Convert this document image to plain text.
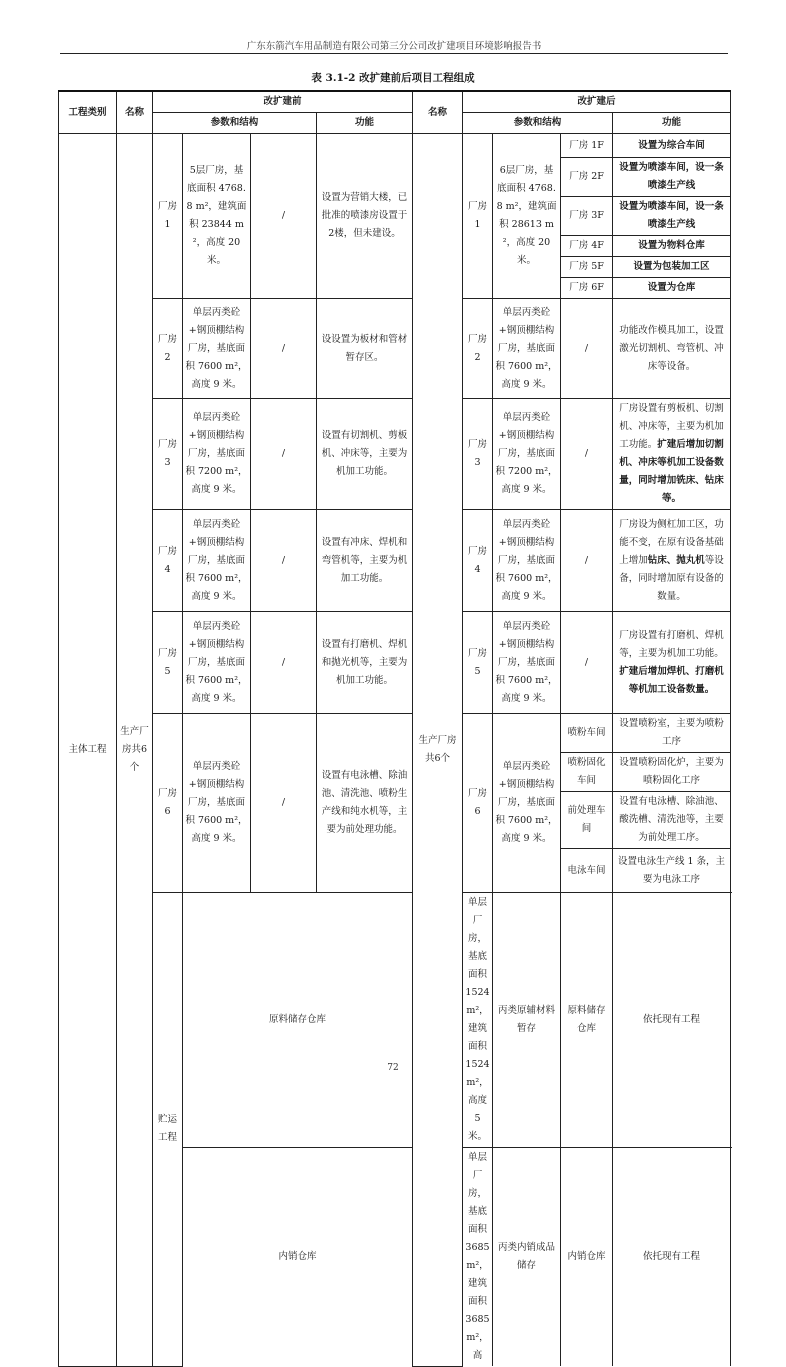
广东东箭汽车用品制造有限公司第三分公司改扩建项目环境影响报告书
表 3.1-2 改扩建前后项目工程组成
工程类别	名称	改扩建前				名称	改扩建后			
		参数和结构			功能		参数和结构			功能
主体工程	生产厂房共6个	厂房1	5层厂房，基底面积 4768.8 m²，建筑面积 23844 m²，高度 20 米。	/	设置为营销大楼，已批准的喷漆房设置于2楼，但未建设。	生产厂房共6个	厂房1	6层厂房，基底面积 4768.8 m²，建筑面积 28613 m²，高度 20 米。	厂房 1F	设置为综合车间
									厂房 2F	设置为喷漆车间，设一条喷漆生产线
									厂房 3F	设置为喷漆车间，设一条喷漆生产线
									厂房 4F	设置为物料仓库
									厂房 5F	设置为包装加工区
									厂房 6F	设置为仓库
		厂房2	单层丙类砼+钢顶棚结构厂房，基底面积 7600 m²，高度 9 米。	/	设设置为板材和管材暂存区。		厂房2	单层丙类砼+钢顶棚结构厂房，基底面积 7600 m²，高度 9 米。	/	功能改作模具加工，设置激光切割机、弯管机、冲床等设备。
		厂房3	单层丙类砼+钢顶棚结构厂房，基底面积 7200 m²，高度 9 米。	/	设置有切割机、剪板机、冲床等，主要为机加工功能。		厂房3	单层丙类砼+钢顶棚结构厂房，基底面积 7200 m²，高度 9 米。	/	厂房设置有剪板机、切割机、冲床等，主要为机加工功能。扩建后增加切割机、冲床等机加工设备数量，同时增加铣床、钻床等。
		厂房4	单层丙类砼+钢顶棚结构厂房，基底面积 7600 m²，高度 9 米。	/	设置有冲床、焊机和弯管机等，主要为机加工功能。		厂房4	单层丙类砼+钢顶棚结构厂房，基底面积 7600 m²，高度 9 米。	/	厂房设为侧杠加工区，功能不变，在原有设备基础上增加钻床、抛丸机等设备，同时增加原有设备的数量。
		厂房5	单层丙类砼+钢顶棚结构厂房，基底面积 7600 m²，高度 9 米。	/	设置有打磨机、焊机和抛光机等，主要为机加工功能。		厂房5	单层丙类砼+钢顶棚结构厂房，基底面积 7600 m²，高度 9 米。	/	厂房设置有打磨机、焊机等，主要为机加工功能。扩建后增加焊机、打磨机等机加工设备数量。
		厂房6	单层丙类砼+钢顶棚结构厂房，基底面积 7600 m²，高度 9 米。	/	设置有电泳槽、除油池、清洗池、喷粉生产线和纯水机等，主要为前处理功能。		厂房6	单层丙类砼+钢顶棚结构厂房，基底面积 7600 m²，高度 9 米。	喷粉车间	设置喷粉室，主要为喷粉工序
									喷粉固化车间	设置喷粉固化炉，主要为喷粉固化工序
									前处理车间	设置有电泳槽、除油池、酸洗槽、清洗池等，主要为前处理工序。
									电泳车间	设置电泳生产线 1 条，主要为电泳工序
		贮运工程	原料储存仓库				单层厂房，基底面积 1524m²，建筑面积 1524m²，高度 5 米。	丙类原辅材料暂存	原料储存仓库	依托现有工程
			内销仓库				单层厂房，基底面积 3685m²，建筑面积 3685m²，高	丙类内销成品储存	内销仓库	依托现有工程
72
